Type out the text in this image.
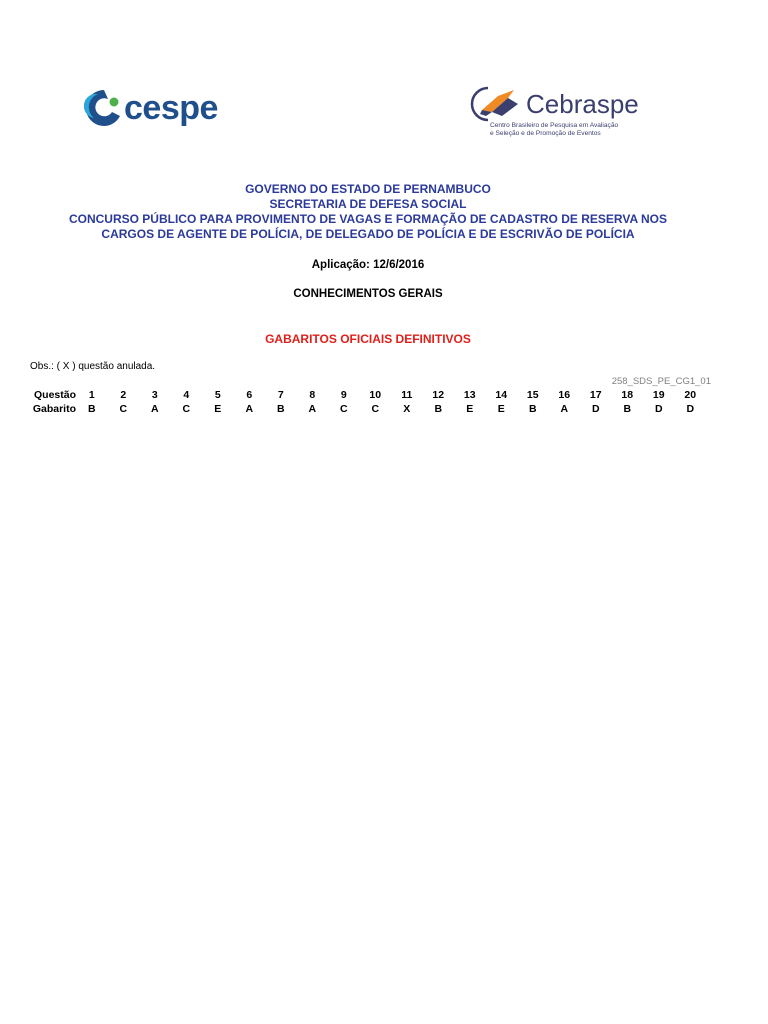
cespe	Cebraspe
Centro Brasileiro de Pesquisa em Avaliação
e Seleção e de Promoção de Eventos
GOVERNO DO ESTADO DE PERNAMBUCO
SECRETARIA DE DEFESA SOCIAL
CONCURSO PÚBLICO PARA PROVIMENTO DE VAGAS E FORMAÇÃO DE CADASTRO DE RESERVA NOS
CARGOS DE AGENTE DE POLÍCIA, DE DELEGADO DE POLÍCIA E DE ESCRIVÃO DE POLÍCIA
Aplicação: 12/6/2016
CONHECIMENTOS GERAIS
GABARITOS OFICIAIS DEFINITIVOS
Obs.: ( X ) questão anulada.
258_SDS_PE_CG1_01
Questão	1	2	3	4	5	6	7	8	9	10	11	12	13	14	15	16	17	18	19	20
Gabarito	B	C	A	C	E	A	B	A	C	C	X	B	E	E	B	A	D	B	D	D
